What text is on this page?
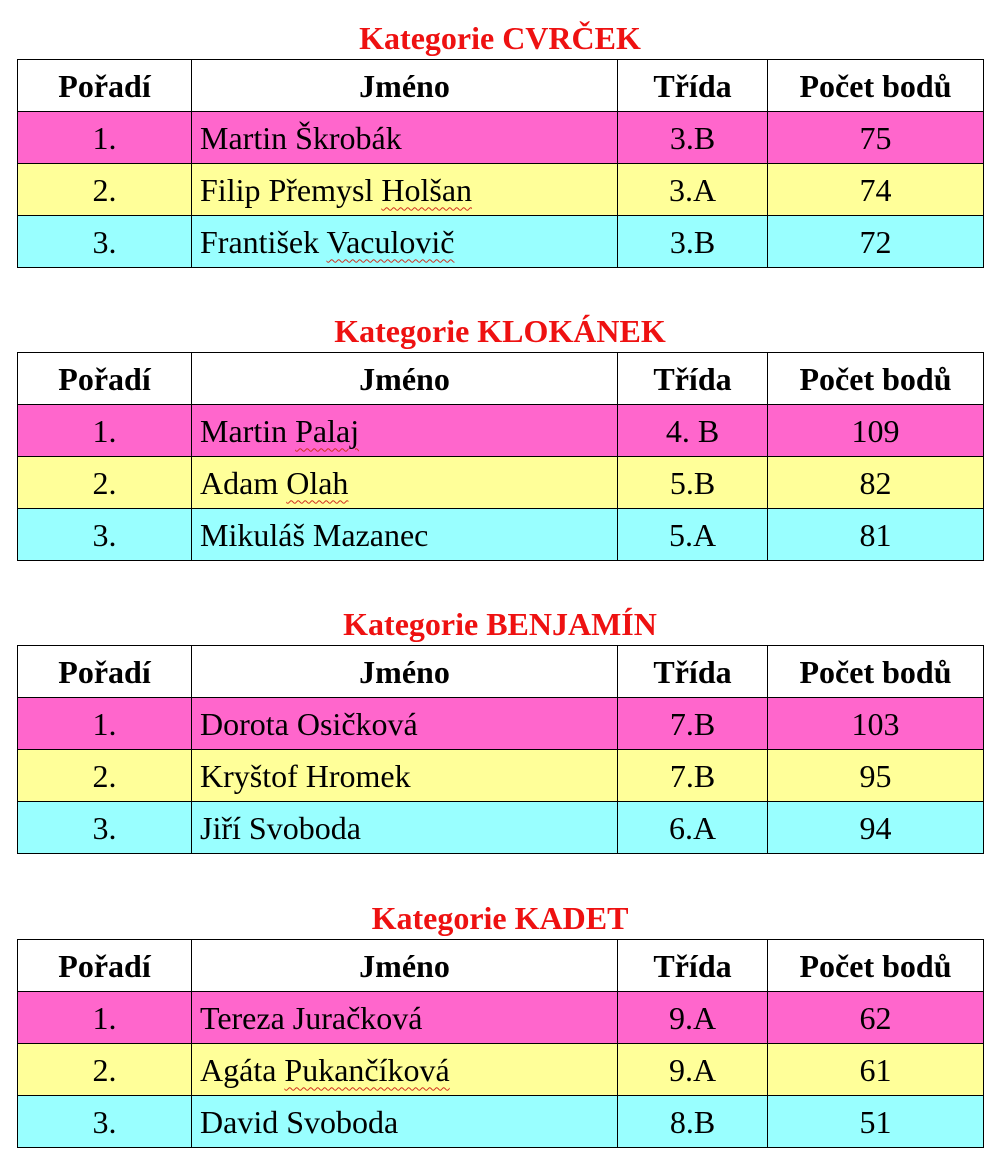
Kategorie CVRČEK
Pořadí	Jméno	Třída	Počet bodů
1.	Martin Škrobák	3.B	75
2.	Filip Přemysl Holšan	3.A	74
3.	František Vaculovič	3.B	72
Kategorie KLOKÁNEK
Pořadí	Jméno	Třída	Počet bodů
1.	Martin Palaj	4. B	109
2.	Adam Olah	5.B	82
3.	Mikuláš Mazanec	5.A	81
Kategorie BENJAMÍN
Pořadí	Jméno	Třída	Počet bodů
1.	Dorota Osičková	7.B	103
2.	Kryštof Hromek	7.B	95
3.	Jiří Svoboda	6.A	94
Kategorie KADET
Pořadí	Jméno	Třída	Počet bodů
1.	Tereza Juračková	9.A	62
2.	Agáta Pukančíková	9.A	61
3.	David Svoboda	8.B	51
